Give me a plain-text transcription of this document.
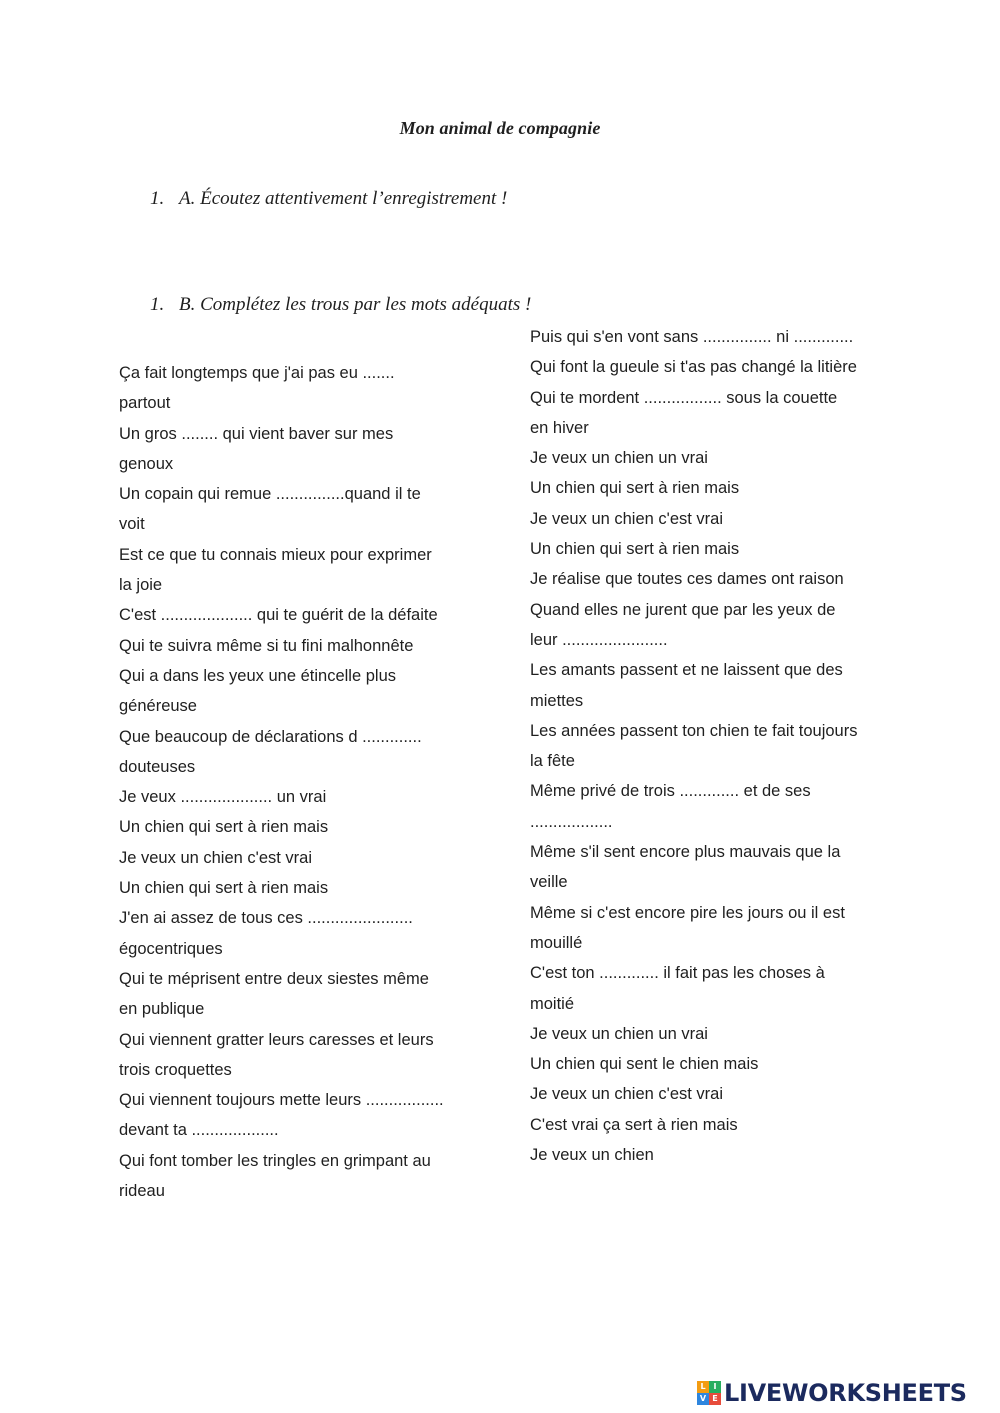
Mon animal de compagnie
1. A. Écoutez attentivement l’enregistrement !
1. B. Complétez les trous par les mots adéquats !
Ça fait longtemps que j'ai pas eu .......
partout
Un gros ........ qui vient baver sur mes
genoux
Un copain qui remue ...............quand il te
voit
Est ce que tu connais mieux pour exprimer
la joie
C'est .................... qui te guérit de la défaite
Qui te suivra même si tu fini malhonnête
Qui a dans les yeux une étincelle plus
généreuse
Que beaucoup de déclarations d .............
douteuses
Je veux .................... un vrai
Un chien qui sert à rien mais
Je veux un chien c'est vrai
Un chien qui sert à rien mais
J'en ai assez de tous ces .......................
égocentriques
Qui te méprisent entre deux siestes même
en publique
Qui viennent gratter leurs caresses et leurs
trois croquettes
Qui viennent toujours mette leurs .................
devant ta ...................
Qui font tomber les tringles en grimpant au
rideau
Puis qui s'en vont sans ............... ni .............
Qui font la gueule si t'as pas changé la litière
Qui te mordent ................. sous la couette
en hiver
Je veux un chien un vrai
Un chien qui sert à rien mais
Je veux un chien c'est vrai
Un chien qui sert à rien mais
Je réalise que toutes ces dames ont raison
Quand elles ne jurent que par les yeux de
leur .......................
Les amants passent et ne laissent que des
miettes
Les années passent ton chien te fait toujours
la fête
Même privé de trois ............. et de ses
..................
Même s'il sent encore plus mauvais que la
veille
Même si c'est encore pire les jours ou il est
mouillé
C'est ton ............. il fait pas les choses à
moitié
Je veux un chien un vrai
Un chien qui sent le chien mais
Je veux un chien c'est vrai
C'est vrai ça sert à rien mais
Je veux un chien
L I
V E LIVEWORKSHEETS
